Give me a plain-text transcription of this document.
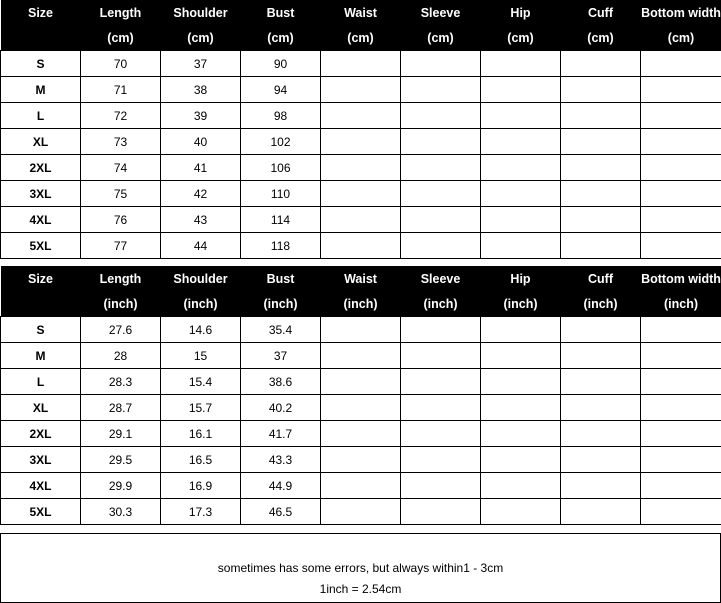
Size	Length	Shoulder	Bust	Waist	Sleeve	Hip	Cuff	Bottom width
	(cm)	(cm)	(cm)	(cm)	(cm)	(cm)	(cm)	(cm)
S	70	37	90					
M	71	38	94					
L	72	39	98					
XL	73	40	102					
2XL	74	41	106					
3XL	75	42	110					
4XL	76	43	114					
5XL	77	44	118					
Size	Length	Shoulder	Bust	Waist	Sleeve	Hip	Cuff	Bottom width
	(inch)	(inch)	(inch)	(inch)	(inch)	(inch)	(inch)	(inch)
S	27.6	14.6	35.4					
M	28	15	37					
L	28.3	15.4	38.6					
XL	28.7	15.7	40.2					
2XL	29.1	16.1	41.7					
3XL	29.5	16.5	43.3					
4XL	29.9	16.9	44.9					
5XL	30.3	17.3	46.5					
sometimes has some errors, but always within1 - 3cm
1inch = 2.54cm
